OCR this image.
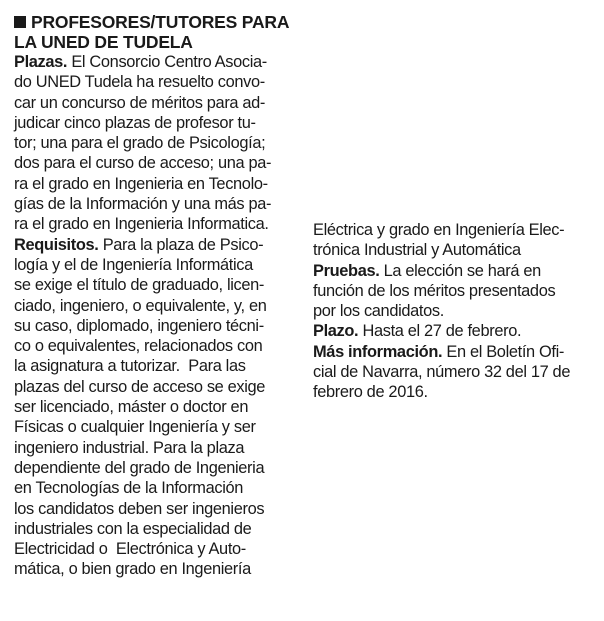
PROFESORES/TUTORES PARA
LA UNED DE TUDELA
Plazas. El Consorcio Centro Asocia-
do UNED Tudela ha resuelto convo-
car un concurso de méritos para ad-
judicar cinco plazas de profesor tu-
tor; una para el grado de Psicología;
dos para el curso de acceso; una pa-
ra el grado en Ingenieria en Tecnolo-
gías de la Información y una más pa-
ra el grado en Ingenieria Informatica.
Requisitos. Para la plaza de Psico-
logía y el de Ingeniería Informática
se exige el título de graduado, licen-
ciado, ingeniero, o equivalente, y, en
su caso, diplomado, ingeniero técni-
co o equivalentes, relacionados con
la asignatura a tutorizar.  Para las
plazas del curso de acceso se exige
ser licenciado, máster o doctor en
Físicas o cualquier Ingeniería y ser
ingeniero industrial. Para la plaza
dependiente del grado de Ingenieria
en Tecnologías de la Información
los candidatos deben ser ingenieros
industriales con la especialidad de
Electricidad o  Electrónica y Auto-
mática, o bien grado en Ingeniería
Eléctrica y grado en Ingeniería Elec-
trónica Industrial y Automática
Pruebas. La elección se hará en
función de los méritos presentados
por los candidatos.
Plazo. Hasta el 27 de febrero.
Más información. En el Boletín Ofi-
cial de Navarra, número 32 del 17 de
febrero de 2016.
